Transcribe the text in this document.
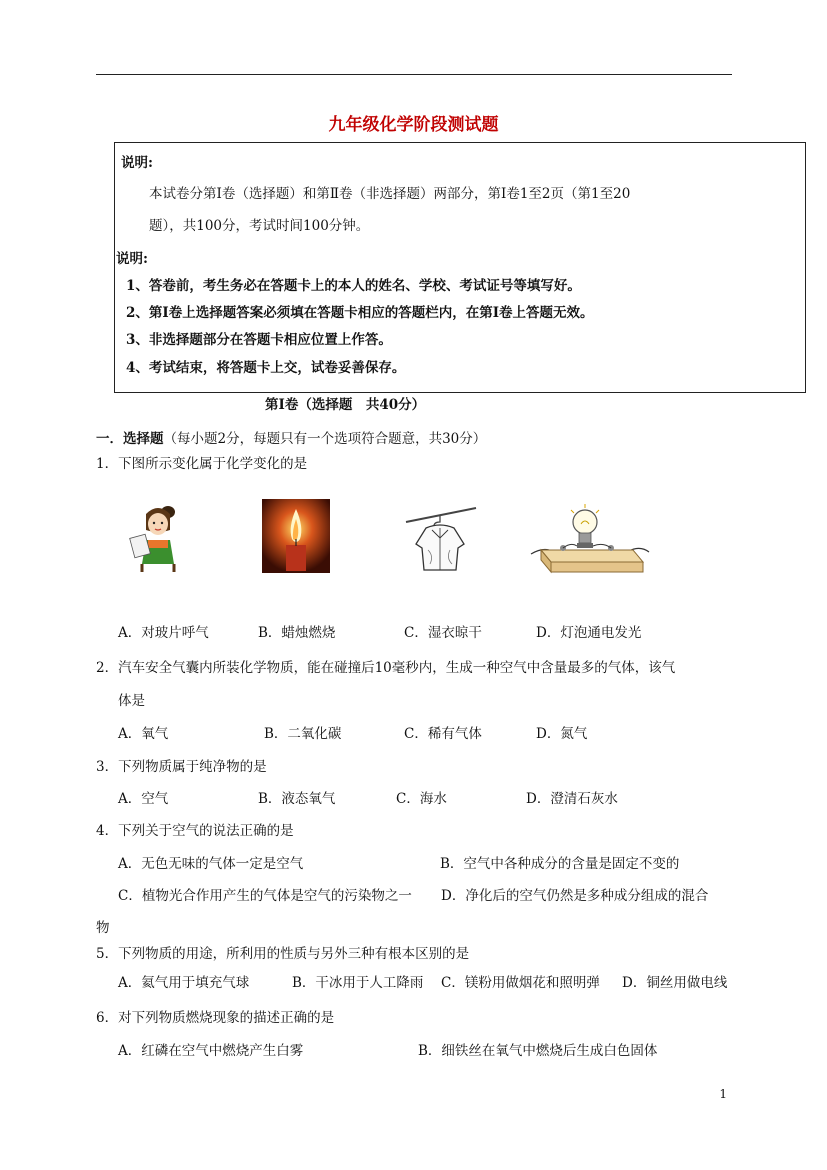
九年级化学阶段测试题
说明:
本试卷分第Ⅰ卷（选择题）和第Ⅱ卷（非选择题）两部分，第Ⅰ卷1至2页（第1至20
题），共100分，考试时间100分钟。
说明:
1、答卷前，考生务必在答题卡上的本人的姓名、学校、考试证号等填写好。
2、第Ⅰ卷上选择题答案必须填在答题卡相应的答题栏内，在第Ⅰ卷上答题无效。
3、非选择题部分在答题卡相应位置上作答。
4、考试结束，将答题卡上交，试卷妥善保存。
第Ⅰ卷（选择题　共40分）
一．选择题（每小题2分，每题只有一个选项符合题意，共30分）
1．下图所示变化属于化学变化的是
A．对玻片呼气	B．蜡烛燃烧	C．湿衣晾干	D．灯泡通电发光
2．汽车安全气囊内所装化学物质，能在碰撞后10毫秒内，生成一种空气中含量最多的气体，该气
体是
A．氧气	B．二氧化碳	C．稀有气体	D．氮气
3．下列物质属于纯净物的是
A．空气	B．液态氧气	C．海水	D．澄清石灰水
4．下列关于空气的说法正确的是
A．无色无味的气体一定是空气	B．空气中各种成分的含量是固定不变的
C．植物光合作用产生的气体是空气的污染物之一 D．净化后的空气仍然是多种成分组成的混合
物
5．下列物质的用途，所利用的性质与另外三种有根本区别的是
A．氦气用于填充气球	B．干冰用于人工降雨 C．镁粉用做烟花和照明弹 D．铜丝用做电线
6．对下列物质燃烧现象的描述正确的是
A．红磷在空气中燃烧产生白雾	B．细铁丝在氧气中燃烧后生成白色固体
1
